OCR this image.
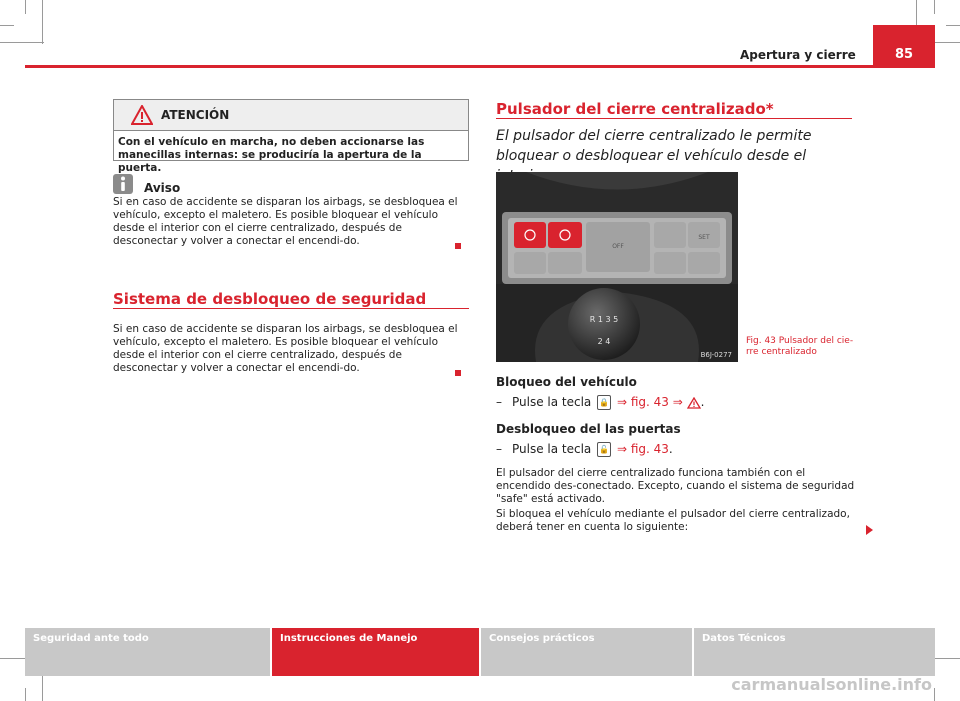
Apertura y cierre	85
ATENCIÓN
Con el vehículo en marcha, no deben accionarse las manecillas internas: se produciría la apertura de la puerta.
Aviso
Si en caso de accidente se disparan los airbags, se desbloquea el vehículo, excepto el maletero. Es posible bloquear el vehículo desde el interior con el cierre centralizado, después de desconectar y volver a conectar el encendi-do.
Sistema de desbloqueo de seguridad
Si en caso de accidente se disparan los airbags, se desbloquea el vehículo, excepto el maletero. Es posible bloquear el vehículo desde el interior con el cierre centralizado, después de desconectar y volver a conectar el encendi-do.
Pulsador del cierre centralizado*
El pulsador del cierre centralizado le permite bloquear o desbloquear el vehículo desde el
R 1 3 5
2 4
OFF
SET
B6J-0277
Fig. 43 Pulsador del cie-rre centralizado
Bloqueo del vehículo
– Pulse la tecla 🔒 ⇒ fig. 43 ⇒ .
Desbloqueo del las puertas
– Pulse la tecla 🔓 ⇒ fig. 43.
El pulsador del cierre centralizado funciona también con el encendido des-conectado. Excepto, cuando el sistema de seguridad "safe" está activado.
Si bloquea el vehículo mediante el pulsador del cierre centralizado, deberá tener en cuenta lo siguiente:
Seguridad ante todo	Instrucciones de Manejo	Consejos prácticos	Datos Técnicos
carmanualsonline.info
